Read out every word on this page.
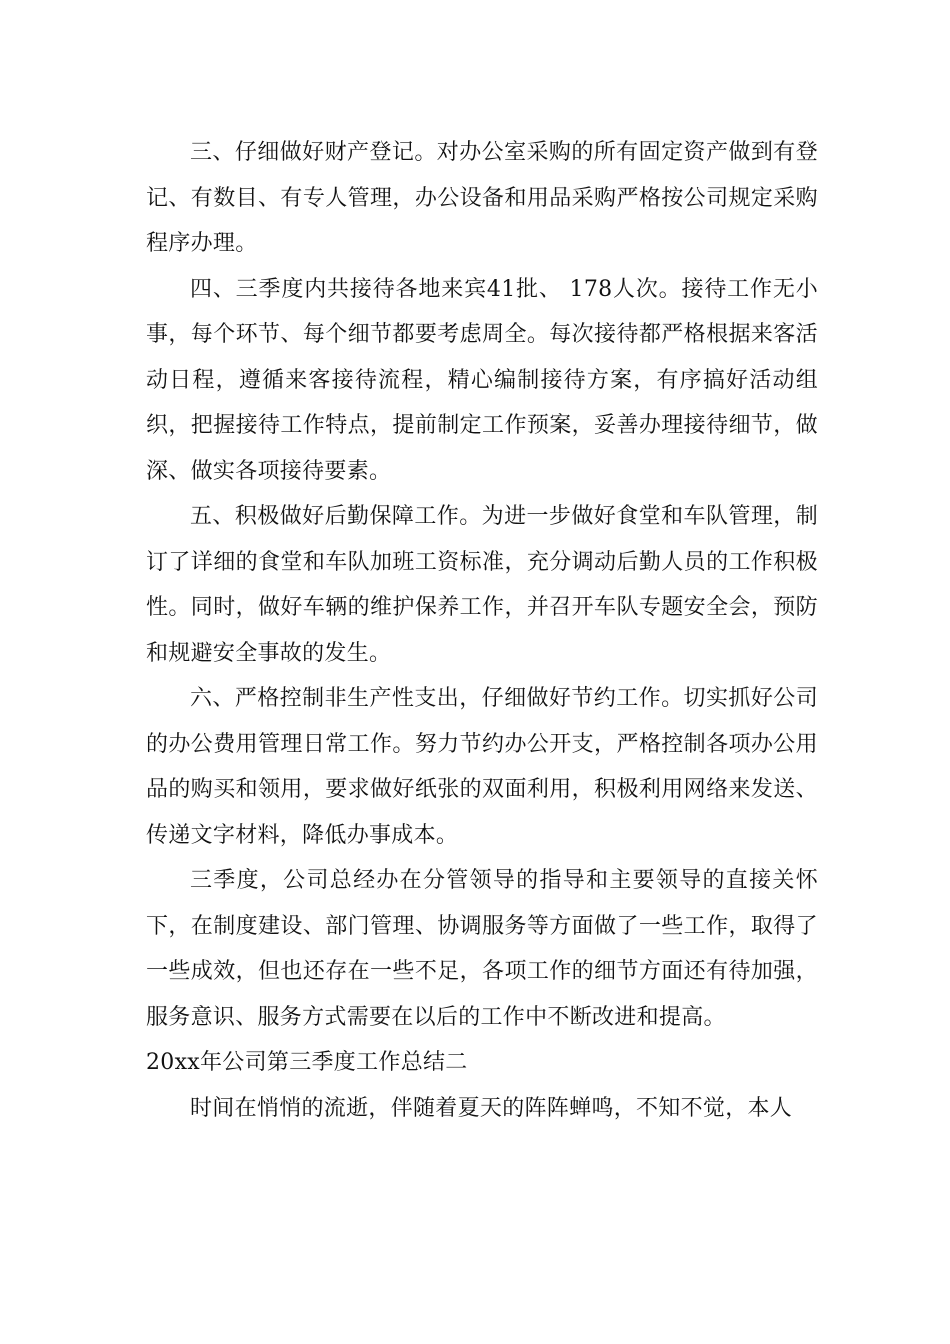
三、仔细做好财产登记。对办公室采购的所有固定资产做到有登记、有数目、有专人管理，办公设备和用品采购严格按公司规定采购程序办理。

四、三季度内共接待各地来宾41批、 178人次。接待工作无小事，每个环节、每个细节都要考虑周全。每次接待都严格根据来客活动日程，遵循来客接待流程，精心编制接待方案，有序搞好活动组织，把握接待工作特点，提前制定工作预案，妥善办理接待细节，做深、做实各项接待要素。

五、积极做好后勤保障工作。为进一步做好食堂和车队管理，制订了详细的食堂和车队加班工资标准，充分调动后勤人员的工作积极性。同时，做好车辆的维护保养工作，并召开车队专题安全会，预防和规避安全事故的发生。

六、严格控制非生产性支出，仔细做好节约工作。切实抓好公司的办公费用管理日常工作。努力节约办公开支，严格控制各项办公用品的购买和领用，要求做好纸张的双面利用，积极利用网络来发送、传递文字材料，降低办事成本。

三季度，公司总经办在分管领导的指导和主要领导的直接关怀下，在制度建设、部门管理、协调服务等方面做了一些工作，取得了一些成效，但也还存在一些不足，各项工作的细节方面还有待加强，服务意识、服务方式需要在以后的工作中不断改进和提高。

20xx年公司第三季度工作总结二

时间在悄悄的流逝，伴随着夏天的阵阵蝉鸣，不知不觉，本人
